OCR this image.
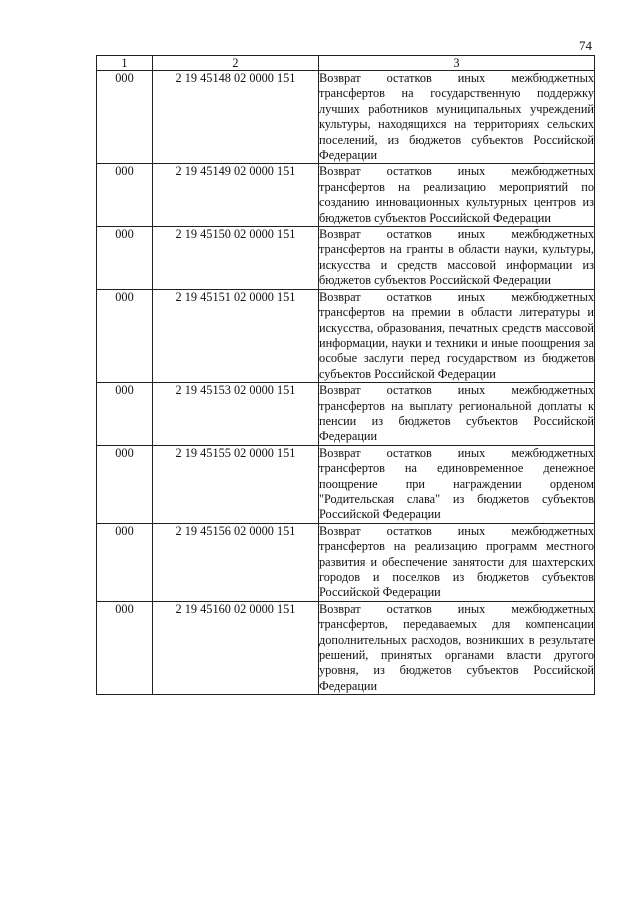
74
1	2	3
000	2 19 45148 02 0000 151	Возврат остатков иных межбюджетных трансфертов на государственную поддержку лучших работников муниципальных учреждений культуры, находящихся на территориях сельских поселений, из бюджетов субъектов Российской Федерации
000	2 19 45149 02 0000 151	Возврат остатков иных межбюджетных трансфертов на реализацию мероприятий по созданию инновационных культурных центров из бюджетов субъектов Российской Федерации
000	2 19 45150 02 0000 151	Возврат остатков иных межбюджетных трансфертов на гранты в области науки, культуры, искусства и средств массовой информации из бюджетов субъектов Российской Федерации
000	2 19 45151 02 0000 151	Возврат остатков иных межбюджетных трансфертов на премии в области литературы и искусства, образования, печатных средств массовой информации, науки и техники и иные поощрения за особые заслуги перед государством из бюджетов субъектов Российской Федерации
000	2 19 45153 02 0000 151	Возврат остатков иных межбюджетных трансфертов на выплату региональной доплаты к пенсии из бюджетов субъектов Российской Федерации
000	2 19 45155 02 0000 151	Возврат остатков иных межбюджетных трансфертов на единовременное денежное поощрение при награждении орденом "Родительская слава" из бюджетов субъектов Российской Федерации
000	2 19 45156 02 0000 151	Возврат остатков иных межбюджетных трансфертов на реализацию программ местного развития и обеспечение занятости для шахтерских городов и поселков из бюджетов субъектов Российской Федерации
000	2 19 45160 02 0000 151	Возврат остатков иных межбюджетных трансфертов, передаваемых для компенсации дополнительных расходов, возникших в результате решений, принятых органами власти другого уровня, из бюджетов субъектов Российской Федерации
